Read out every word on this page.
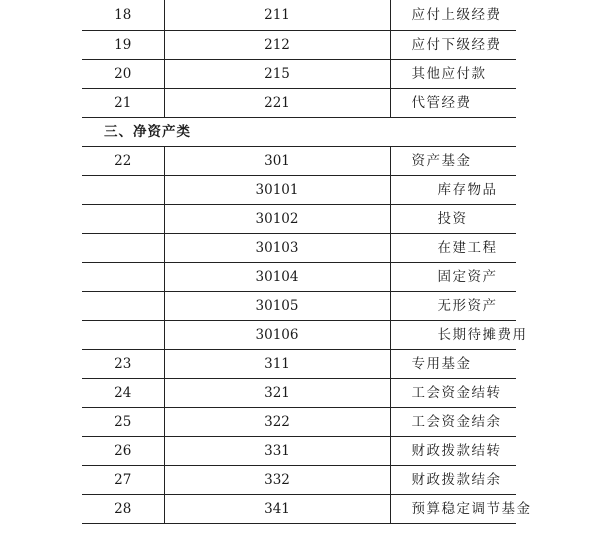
18	211	应付上级经费
19	212	应付下级经费
20	215	其他应付款
21	221	代管经费
三、净资产类		
22	301	资产基金
	30101	库存物品
	30102	投资
	30103	在建工程
	30104	固定资产
	30105	无形资产
	30106	长期待摊费用
23	311	专用基金
24	321	工会资金结转
25	322	工会资金结余
26	331	财政拨款结转
27	332	财政拨款结余
28	341	预算稳定调节基金
